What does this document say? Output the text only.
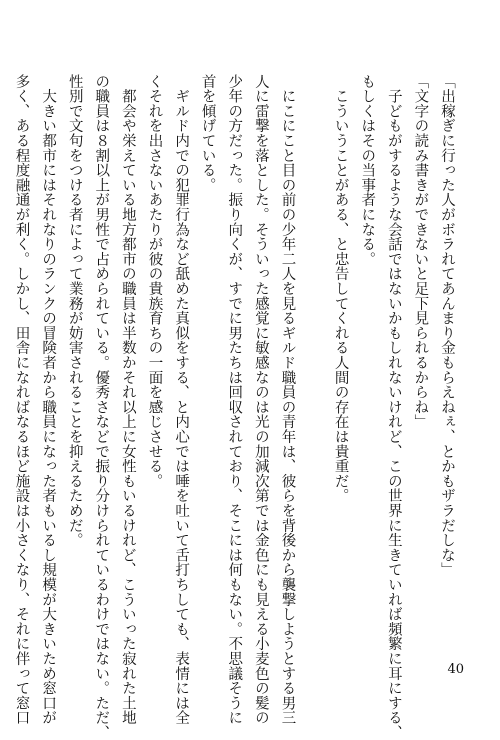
「出稼ぎに行った人がボラれてあんまり金もらえねぇ、とかもザラだしな」
「文字の読み書きができないと足下見られるからね」
　子どもがするような会話ではないかもしれないけれど、この世界に生きていれば頻繁に耳にする、
もしくはその当事者になる。
　こういうことがある、と忠告してくれる人間の存在は貴重だ。

　にこにこと目の前の少年二人を見るギルド職員の青年は、彼らを背後から襲撃しようとする男三
人に雷撃を落とした。そういった感覚に敏感なのは光の加減次第では金色にも見える小麦色の髪の
少年の方だった。振り向くが、すでに男たちは回収されており、そこには何もない。不思議そうに
首を傾げている。
　ギルド内での犯罪行為など舐めた真似をする、と内心では唾を吐いて舌打ちしても、表情には全
くそれを出さないあたりが彼の貴族育ちの一面を感じさせる。
　都会や栄えている地方都市の職員は半数かそれ以上に女性もいるけれど、こういった寂れた土地
の職員は８割以上が男性で占められている。優秀さなどで振り分けられているわけではない。ただ、
性別で文句をつける者によって業務が妨害されることを抑えるためだ。
　大きい都市にはそれなりのランクの冒険者から職員になった者もいるし規模が大きいため窓口が
多く、ある程度融通が利く。しかし、田舎になればなるほど施設は小さくなり、それに伴って窓口	40
